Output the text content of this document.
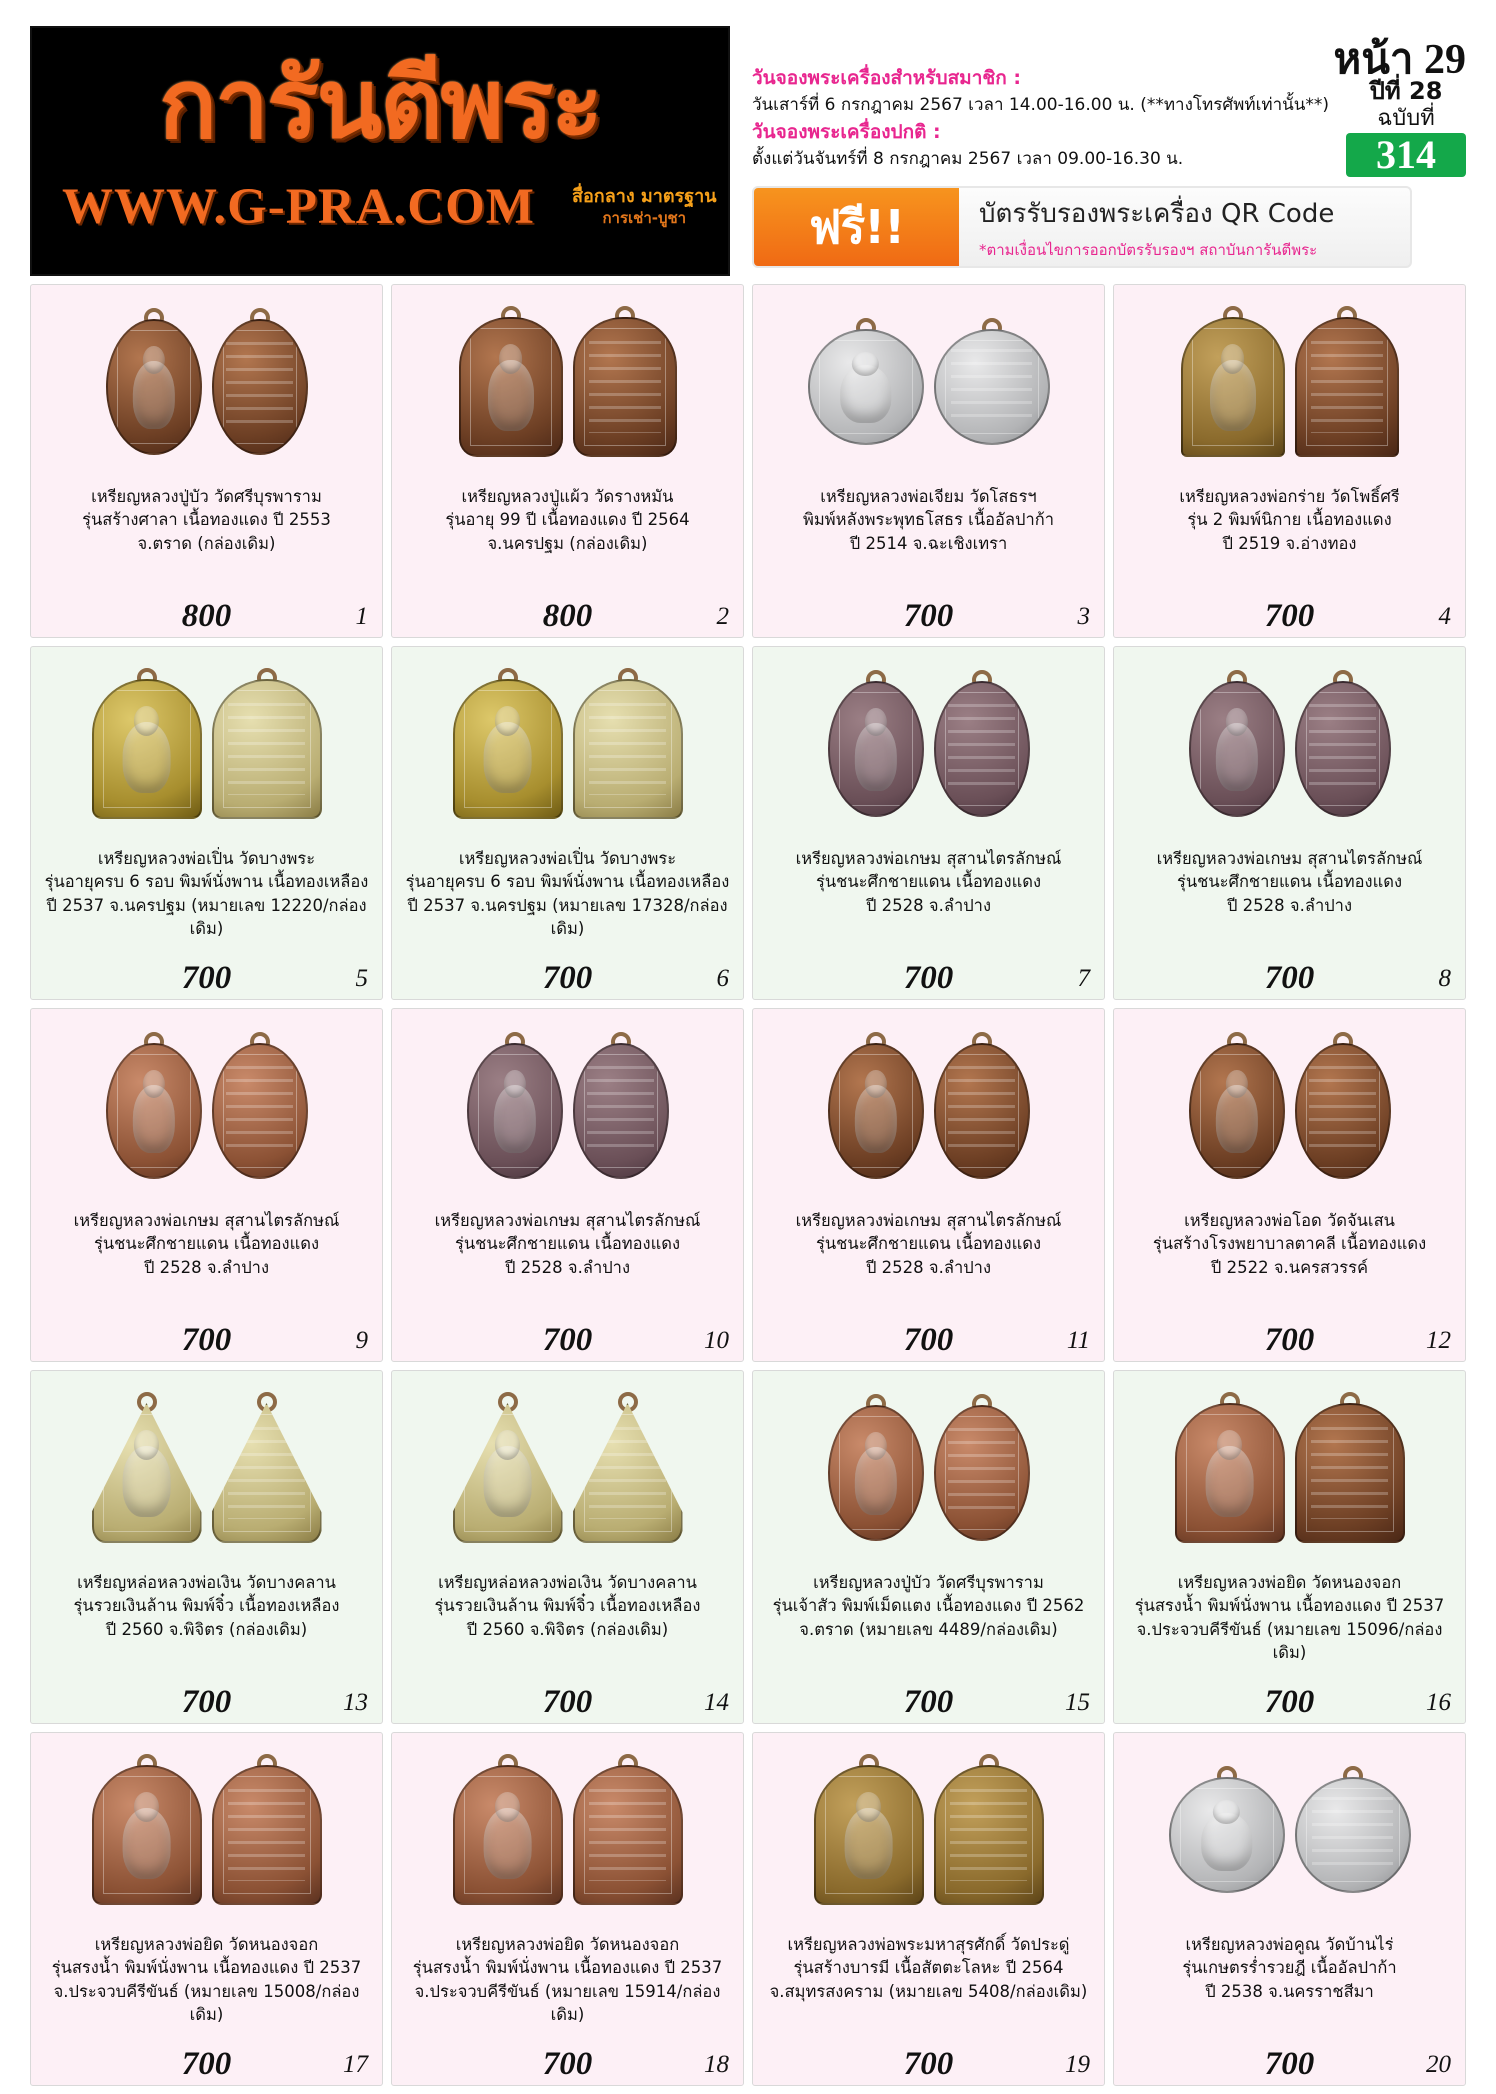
การันตีพระ
WWW.G-PRA.COM สื่อกลาง มาตรฐาน
การเช่า-บูชา
วันจองพระเครื่องสำหรับสมาชิก :
วันเสาร์ที่ 6 กรกฎาคม 2567 เวลา 14.00-16.00 น. (**ทางโทรศัพท์เท่านั้น**)
วันจองพระเครื่องปกติ :
ตั้งแต่วันจันทร์ที่ 8 กรกฎาคม 2567 เวลา 09.00-16.30 น.
ฟรี!!	บัตรรับรองพระเครื่อง QR Code
*ตามเงื่อนไขการออกบัตรรับรองฯ สถาบันการันตีพระ
หน้า 29
ปีที่ 28
ฉบับที่
314
เหรียญหลวงปู่บัว วัดศรีบุรพาราม
รุ่นสร้างศาลา เนื้อทองแดง ปี 2553
จ.ตราด (กล่องเดิม)
800	1
เหรียญหลวงปู่แผ้ว วัดรางหมัน
รุ่นอายุ 99 ปี เนื้อทองแดง ปี 2564
จ.นครปฐม (กล่องเดิม)
800	2
เหรียญหลวงพ่อเจียม วัดโสธรฯ
พิมพ์หลังพระพุทธโสธร เนื้ออัลปาก้า
ปี 2514 จ.ฉะเชิงเทรา
700	3
เหรียญหลวงพ่อกร่าย วัดโพธิ์ศรี
รุ่น 2 พิมพ์นิกาย เนื้อทองแดง
ปี 2519 จ.อ่างทอง
700	4
เหรียญหลวงพ่อเปิ่น วัดบางพระ
รุ่นอายุครบ 6 รอบ พิมพ์นั่งพาน เนื้อทองเหลือง
ปี 2537 จ.นครปฐม (หมายเลข 12220/กล่องเดิม)
700	5
เหรียญหลวงพ่อเปิ่น วัดบางพระ
รุ่นอายุครบ 6 รอบ พิมพ์นั่งพาน เนื้อทองเหลือง
ปี 2537 จ.นครปฐม (หมายเลข 17328/กล่องเดิม)
700	6
เหรียญหลวงพ่อเกษม สุสานไตรลักษณ์
รุ่นชนะศึกชายแดน เนื้อทองแดง
ปี 2528 จ.ลำปาง
700	7
เหรียญหลวงพ่อเกษม สุสานไตรลักษณ์
รุ่นชนะศึกชายแดน เนื้อทองแดง
ปี 2528 จ.ลำปาง
700	8
เหรียญหลวงพ่อเกษม สุสานไตรลักษณ์
รุ่นชนะศึกชายแดน เนื้อทองแดง
ปี 2528 จ.ลำปาง
700	9
เหรียญหลวงพ่อเกษม สุสานไตรลักษณ์
รุ่นชนะศึกชายแดน เนื้อทองแดง
ปี 2528 จ.ลำปาง
700	10
เหรียญหลวงพ่อเกษม สุสานไตรลักษณ์
รุ่นชนะศึกชายแดน เนื้อทองแดง
ปี 2528 จ.ลำปาง
700	11
เหรียญหลวงพ่อโอด วัดจันเสน
รุ่นสร้างโรงพยาบาลตาคลี เนื้อทองแดง
ปี 2522 จ.นครสวรรค์
700	12
เหรียญหล่อหลวงพ่อเงิน วัดบางคลาน
รุ่นรวยเงินล้าน พิมพ์จิ๋ว เนื้อทองเหลือง
ปี 2560 จ.พิจิตร (กล่องเดิม)
700	13
เหรียญหล่อหลวงพ่อเงิน วัดบางคลาน
รุ่นรวยเงินล้าน พิมพ์จิ๋ว เนื้อทองเหลือง
ปี 2560 จ.พิจิตร (กล่องเดิม)
700	14
เหรียญหลวงปู่บัว วัดศรีบุรพาราม
รุ่นเจ้าสัว พิมพ์เม็ดแตง เนื้อทองแดง ปี 2562
จ.ตราด (หมายเลข 4489/กล่องเดิม)
700	15
เหรียญหลวงพ่อยิด วัดหนองจอก
รุ่นสรงน้ำ พิมพ์นั่งพาน เนื้อทองแดง ปี 2537
จ.ประจวบคีรีขันธ์ (หมายเลข 15096/กล่องเดิม)
700	16
เหรียญหลวงพ่อยิด วัดหนองจอก
รุ่นสรงน้ำ พิมพ์นั่งพาน เนื้อทองแดง ปี 2537
จ.ประจวบคีรีขันธ์ (หมายเลข 15008/กล่องเดิม)
700	17
เหรียญหลวงพ่อยิด วัดหนองจอก
รุ่นสรงน้ำ พิมพ์นั่งพาน เนื้อทองแดง ปี 2537
จ.ประจวบคีรีขันธ์ (หมายเลข 15914/กล่องเดิม)
700	18
เหรียญหลวงพ่อพระมหาสุรศักดิ์ วัดประดู่
รุ่นสร้างบารมี เนื้อสัตตะโลหะ ปี 2564
จ.สมุทรสงคราม (หมายเลข 5408/กล่องเดิม)
700	19
เหรียญหลวงพ่อคูณ วัดบ้านไร่
รุ่นเกษตรร่ำรวยฎี เนื้ออัลปาก้า
ปี 2538 จ.นครราชสีมา
700	20
